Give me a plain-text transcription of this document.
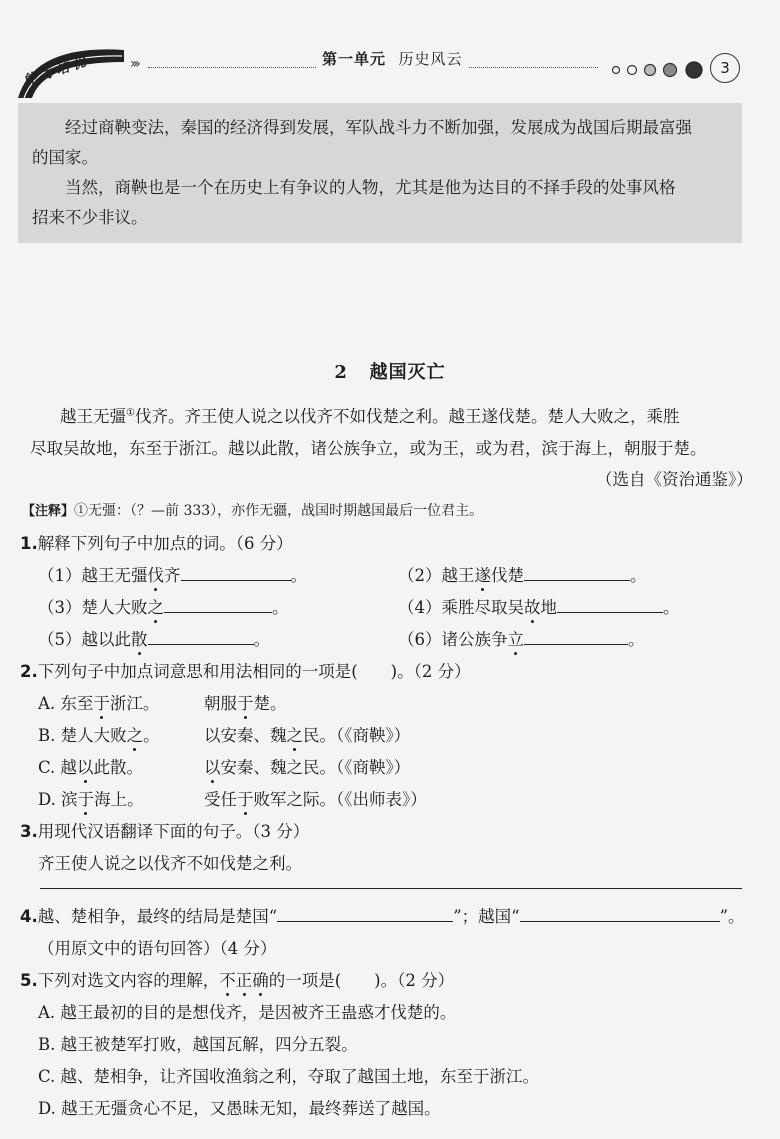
能力培优	›››	第一单元 历史风云	3

经过商鞅变法，秦国的经济得到发展，军队战斗力不断加强，发展成为战国后期最富强

的国家。

当然，商鞅也是一个在历史上有争议的人物，尤其是他为达目的不择手段的处事风格

招来不少非议。

2 越国灭亡
越王无彊①伐齐。齐王使人说之以伐齐不如伐楚之利。越王遂伐楚。楚人大败之，乘胜
尽取吴故地，东至于浙江。越以此散，诸公族争立，或为王，或为君，滨于海上，朝服于楚。
（选自《资治通鉴》）
【注释】①无彊：（？—前 333），亦作无疆，战国时期越国最后一位君主。
1.解释下列句子中加点的词。（6 分）
（1）越王无彊伐齐	。	（2）越王遂伐楚	。
（3）楚人大败之	。	（4）乘胜尽取吴故地	。
（5）越以此散	。	（6）诸公族争立	。
2.下列句子中加点词意思和用法相同的一项是(　　)。（2 分）
A. 东至于浙江。	朝服于楚。
B. 楚人大败之。	以安秦、魏之民。（《商鞅》）
C. 越以此散。	以安秦、魏之民。（《商鞅》）
D. 滨于海上。	受任于败军之际。（《出师表》）
3.用现代汉语翻译下面的句子。（3 分）
齐王使人说之以伐齐不如伐楚之利。
4.越、楚相争，最终的结局是楚国“	”；越国“	”。
（用原文中的语句回答）（4 分）
5.下列对选文内容的理解，不正确的一项是(　　)。（2 分）
A. 越王最初的目的是想伐齐，是因被齐王蛊惑才伐楚的。
B. 越王被楚军打败，越国瓦解，四分五裂。
C. 越、楚相争，让齐国收渔翁之利，夺取了越国土地，东至于浙江。
D. 越王无彊贪心不足，又愚昧无知，最终葬送了越国。
